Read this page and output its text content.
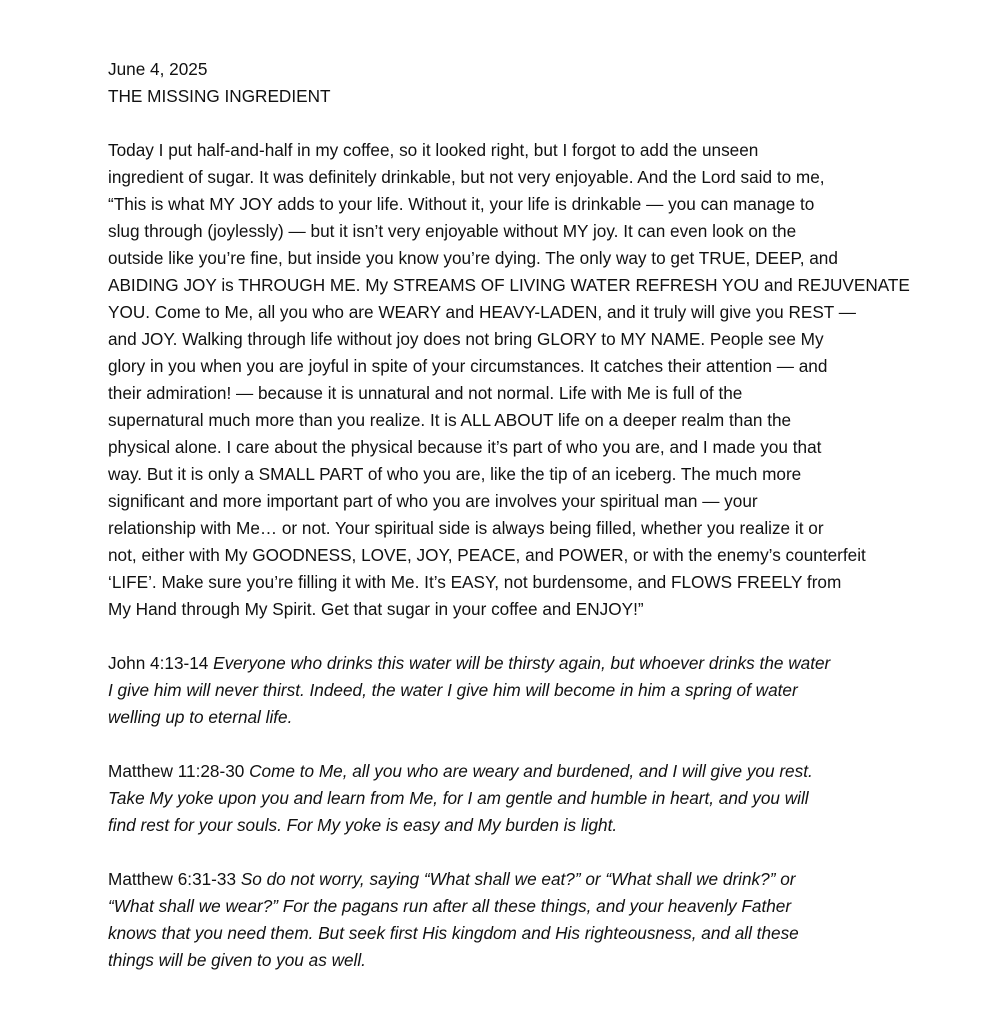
June 4, 2025
THE MISSING INGREDIENT
Today I put half-and-half in my coffee, so it looked right, but I forgot to add the unseen
ingredient of sugar. It was definitely drinkable, but not very enjoyable. And the Lord said to me,
“This is what MY JOY adds to your life. Without it, your life is drinkable — you can manage to
slug through (joylessly) — but it isn’t very enjoyable without MY joy. It can even look on the
outside like you’re fine, but inside you know you’re dying. The only way to get TRUE, DEEP, and
ABIDING JOY is THROUGH ME. My STREAMS OF LIVING WATER REFRESH YOU and REJUVENATE
YOU. Come to Me, all you who are WEARY and HEAVY-LADEN, and it truly will give you REST —
and JOY. Walking through life without joy does not bring GLORY to MY NAME. People see My
glory in you when you are joyful in spite of your circumstances. It catches their attention — and
their admiration! — because it is unnatural and not normal. Life with Me is full of the
supernatural much more than you realize. It is ALL ABOUT life on a deeper realm than the
physical alone. I care about the physical because it’s part of who you are, and I made you that
way. But it is only a SMALL PART of who you are, like the tip of an iceberg. The much more
significant and more important part of who you are involves your spiritual man — your
relationship with Me… or not. Your spiritual side is always being filled, whether you realize it or
not, either with My GOODNESS, LOVE, JOY, PEACE, and POWER, or with the enemy’s counterfeit
‘LIFE’. Make sure you’re filling it with Me. It’s EASY, not burdensome, and FLOWS FREELY from
My Hand through My Spirit. Get that sugar in your coffee and ENJOY!”
John 4:13-14 Everyone who drinks this water will be thirsty again, but whoever drinks the water
I give him will never thirst. Indeed, the water I give him will become in him a spring of water
welling up to eternal life.
Matthew 11:28-30 Come to Me, all you who are weary and burdened, and I will give you rest.
Take My yoke upon you and learn from Me, for I am gentle and humble in heart, and you will
find rest for your souls. For My yoke is easy and My burden is light.
Matthew 6:31-33 So do not worry, saying “What shall we eat?” or “What shall we drink?” or
“What shall we wear?” For the pagans run after all these things, and your heavenly Father
knows that you need them. But seek first His kingdom and His righteousness, and all these
things will be given to you as well.
